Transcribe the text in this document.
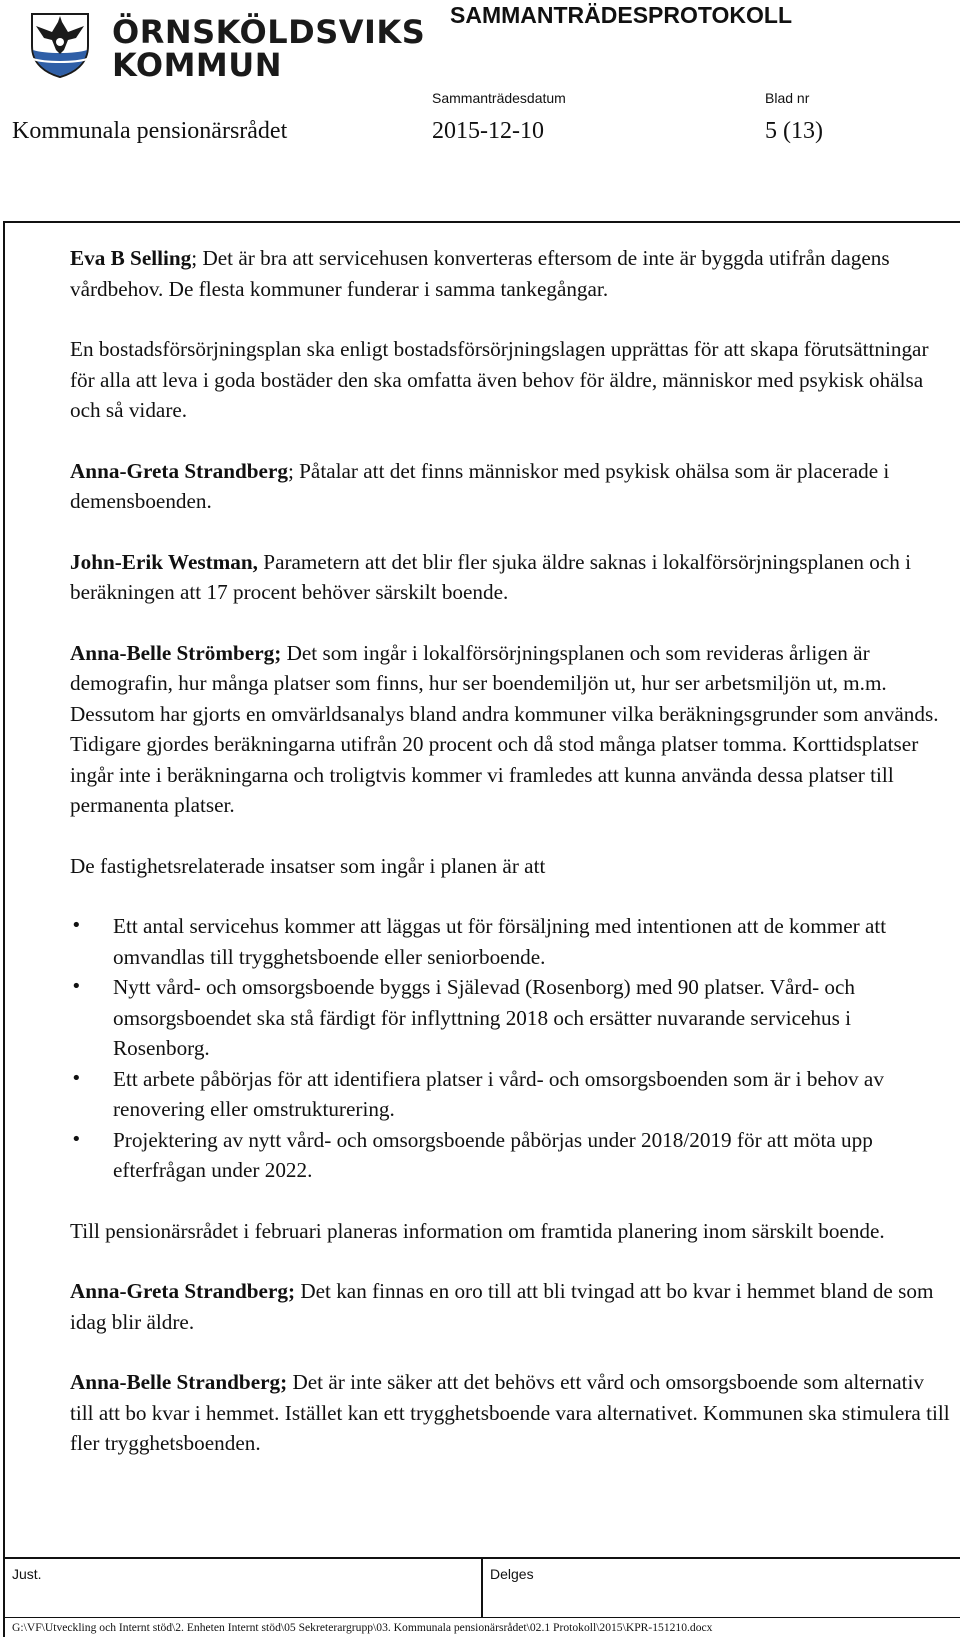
ÖRNSKÖLDSVIKS
KOMMUN
SAMMANTRÄDESPROTOKOLL
Sammanträdesdatum	Blad nr
Kommunala pensionärsrådet	2015-12-10	5 (13)

Eva B Selling; Det är bra att servicehusen konverteras eftersom de inte är byggda utifrån dagens vårdbehov. De flesta kommuner funderar i samma tankegångar.

En bostadsförsörjningsplan ska enligt bostadsförsörjningslagen upprättas för att skapa förutsättningar för alla att leva i goda bostäder den ska omfatta även behov för äldre, människor med psykisk ohälsa och så vidare.

Anna-Greta Strandberg; Påtalar att det finns människor med psykisk ohälsa som är placerade i demensboenden.

John-Erik Westman, Parametern att det blir fler sjuka äldre saknas i lokalförsörjningsplanen och i beräkningen att 17 procent behöver särskilt boende.

Anna-Belle Strömberg; Det som ingår i lokalförsörjningsplanen och som revideras årligen är demografin, hur många platser som finns, hur ser boendemiljön ut, hur ser arbetsmiljön ut, m.m. Dessutom har gjorts en omvärldsanalys bland andra kommuner vilka beräkningsgrunder som används. Tidigare gjordes beräkningarna utifrån 20 procent och då stod många platser tomma. Korttidsplatser ingår inte i beräkningarna och troligtvis kommer vi framledes att kunna använda dessa platser till permanenta platser.

De fastighetsrelaterade insatser som ingår i planen är att

• Ett antal servicehus kommer att läggas ut för försäljning med intentionen att de kommer att omvandlas till trygghetsboende eller seniorboende.
• Nytt vård- och omsorgsboende byggs i Själevad (Rosenborg) med 90 platser. Vård- och omsorgsboendet ska stå färdigt för inflyttning 2018 och ersätter nuvarande servicehus i Rosenborg.
• Ett arbete påbörjas för att identifiera platser i vård- och omsorgsboenden som är i behov av renovering eller omstrukturering.
• Projektering av nytt vård- och omsorgsboende påbörjas under 2018/2019 för att möta upp efterfrågan under 2022.

Till pensionärsrådet i februari planeras information om framtida planering inom särskilt boende.

Anna-Greta Strandberg; Det kan finnas en oro till att bli tvingad att bo kvar i hemmet bland de som idag blir äldre.

Anna-Belle Strandberg; Det är inte säker att det behövs ett vård och omsorgsboende som alternativ till att bo kvar i hemmet. Istället kan ett trygghetsboende vara alternativet. Kommunen ska stimulera till fler trygghetsboenden.

Just.	Delges
G:\VF\Utveckling och Internt stöd\2. Enheten Internt stöd\05 Sekreterargrupp\03. Kommunala pensionärsrådet\02.1 Protokoll\2015\KPR-151210.docx
